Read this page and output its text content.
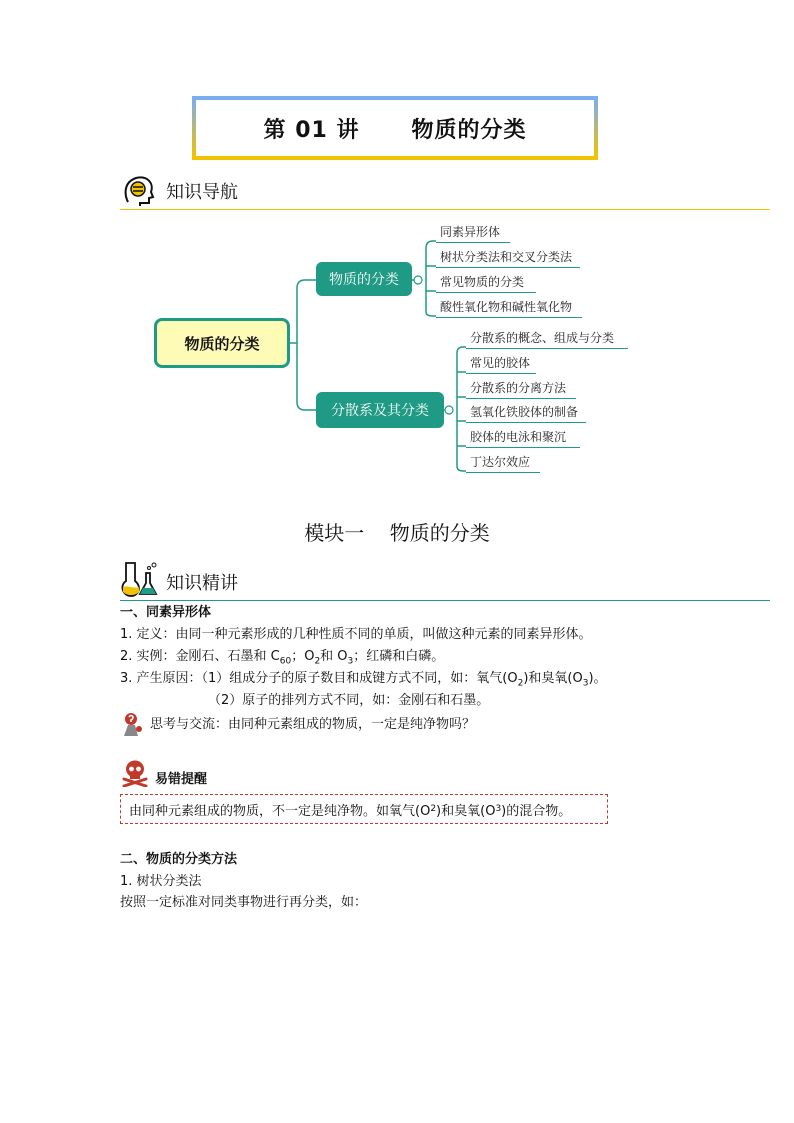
第 01 讲
物质的分类
知识导航
物质的分类
物质的分类
分散系及其分类
同素异形体
树状分类法和交叉分类法
常见物质的分类
酸性氧化物和碱性氧化物
分散系的概念、组成与分类
常见的胶体
分散系的分离方法
氢氧化铁胶体的制备
胶体的电泳和聚沉
丁达尔效应
模块一    物质的分类
知识精讲
一、同素异形体
1. 定义：由同一种元素形成的几种性质不同的单质，叫做这种元素的同素异形体。
2. 实例：金刚石、石墨和 $C_{60}$；$O_2$和 $O_3$；红磷和白磷。
3. 产生原因：（1）组成分子的原子数目和成键方式不同，如：氧气$(O_2)$和臭氧$(O_3)$。
（2）原子的排列方式不同，如：金刚石和石墨。
思考与交流：由同种元素组成的物质，一定是纯净物吗？
易错提醒
由同种元素组成的物质，不一定是纯净物。如氧气(O 2 )和臭氧(O 3 )的混合物。
二、物质的分类方法
1. 树状分类法
按照一定标准对同类事物进行再分类，如：
